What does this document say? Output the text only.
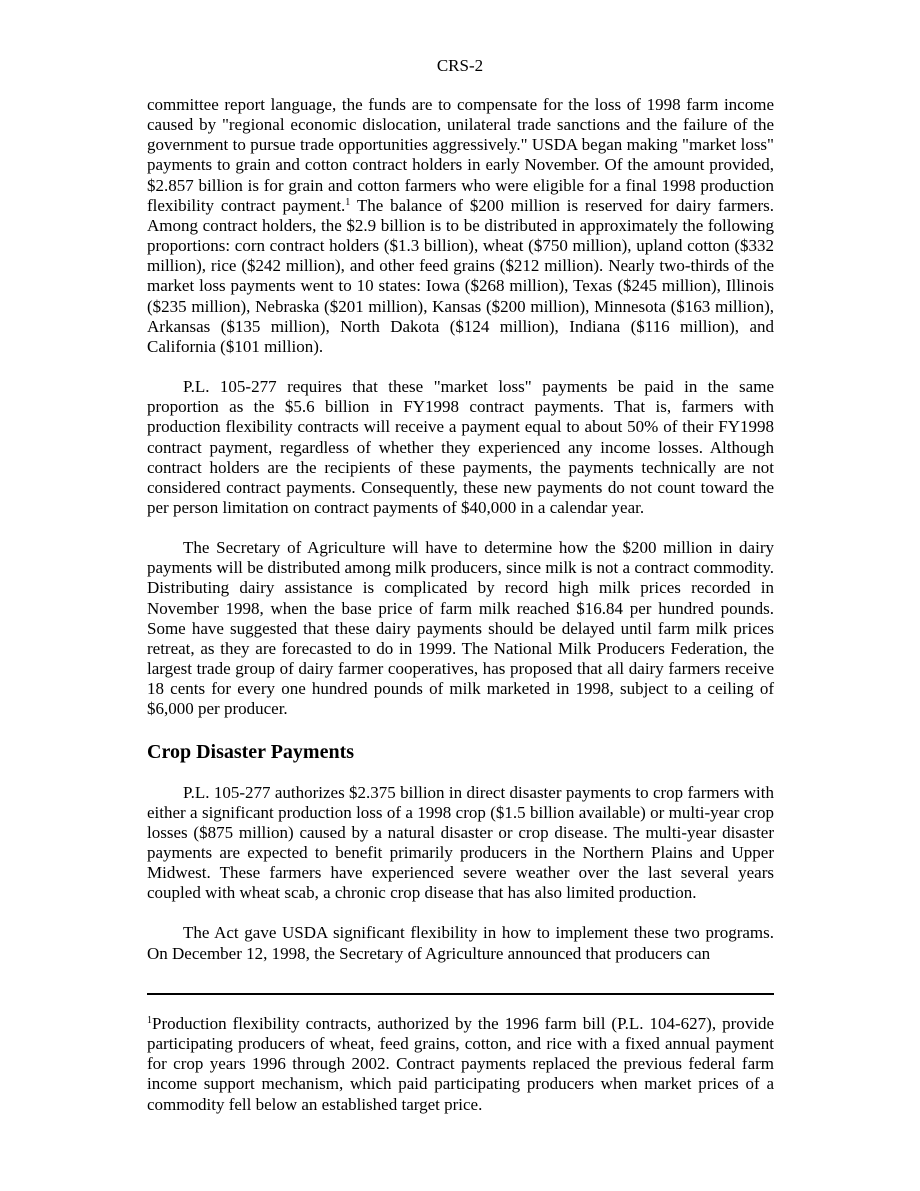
CRS-2

committee report language, the funds are to compensate for the loss of 1998 farm income caused by "regional economic dislocation, unilateral trade sanctions and the failure of the government to pursue trade opportunities aggressively." USDA began making "market loss" payments to grain and cotton contract holders in early November. Of the amount provided, $2.857 billion is for grain and cotton farmers who were eligible for a final 1998 production flexibility contract payment.$^1$ The balance of $200 million is reserved for dairy farmers. Among contract holders, the $2.9 billion is to be distributed in approximately the following proportions: corn contract holders ($1.3 billion), wheat ($750 million), upland cotton ($332 million), rice ($242 million), and other feed grains ($212 million). Nearly two-thirds of the market loss payments went to 10 states: Iowa ($268 million), Texas ($245 million), Illinois ($235 million), Nebraska ($201 million), Kansas ($200 million), Minnesota ($163 million), Arkansas ($135 million), North Dakota ($124 million), Indiana ($116 million), and California ($101 million).

P.L. 105-277 requires that these "market loss" payments be paid in the same proportion as the $5.6 billion in FY1998 contract payments. That is, farmers with production flexibility contracts will receive a payment equal to about 50% of their FY1998 contract payment, regardless of whether they experienced any income losses. Although contract holders are the recipients of these payments, the payments technically are not considered contract payments. Consequently, these new payments do not count toward the per person limitation on contract payments of $40,000 in a calendar year.

The Secretary of Agriculture will have to determine how the $200 million in dairy payments will be distributed among milk producers, since milk is not a contract commodity. Distributing dairy assistance is complicated by record high milk prices recorded in November 1998, when the base price of farm milk reached $16.84 per hundred pounds. Some have suggested that these dairy payments should be delayed until farm milk prices retreat, as they are forecasted to do in 1999. The National Milk Producers Federation, the largest trade group of dairy farmer cooperatives, has proposed that all dairy farmers receive 18 cents for every one hundred pounds of milk marketed in 1998, subject to a ceiling of $6,000 per producer.

Crop Disaster Payments

P.L. 105-277 authorizes $2.375 billion in direct disaster payments to crop farmers with either a significant production loss of a 1998 crop ($1.5 billion available) or multi-year crop losses ($875 million) caused by a natural disaster or crop disease. The multi-year disaster payments are expected to benefit primarily producers in the Northern Plains and Upper Midwest. These farmers have experienced severe weather over the last several years coupled with wheat scab, a chronic crop disease that has also limited production.

The Act gave USDA significant flexibility in how to implement these two programs. On December 12, 1998, the Secretary of Agriculture announced that producers can

$^1$Production flexibility contracts, authorized by the 1996 farm bill (P.L. 104-627), provide participating producers of wheat, feed grains, cotton, and rice with a fixed annual payment for crop years 1996 through 2002. Contract payments replaced the previous federal farm income support mechanism, which paid participating producers when market prices of a commodity fell below an established target price.
